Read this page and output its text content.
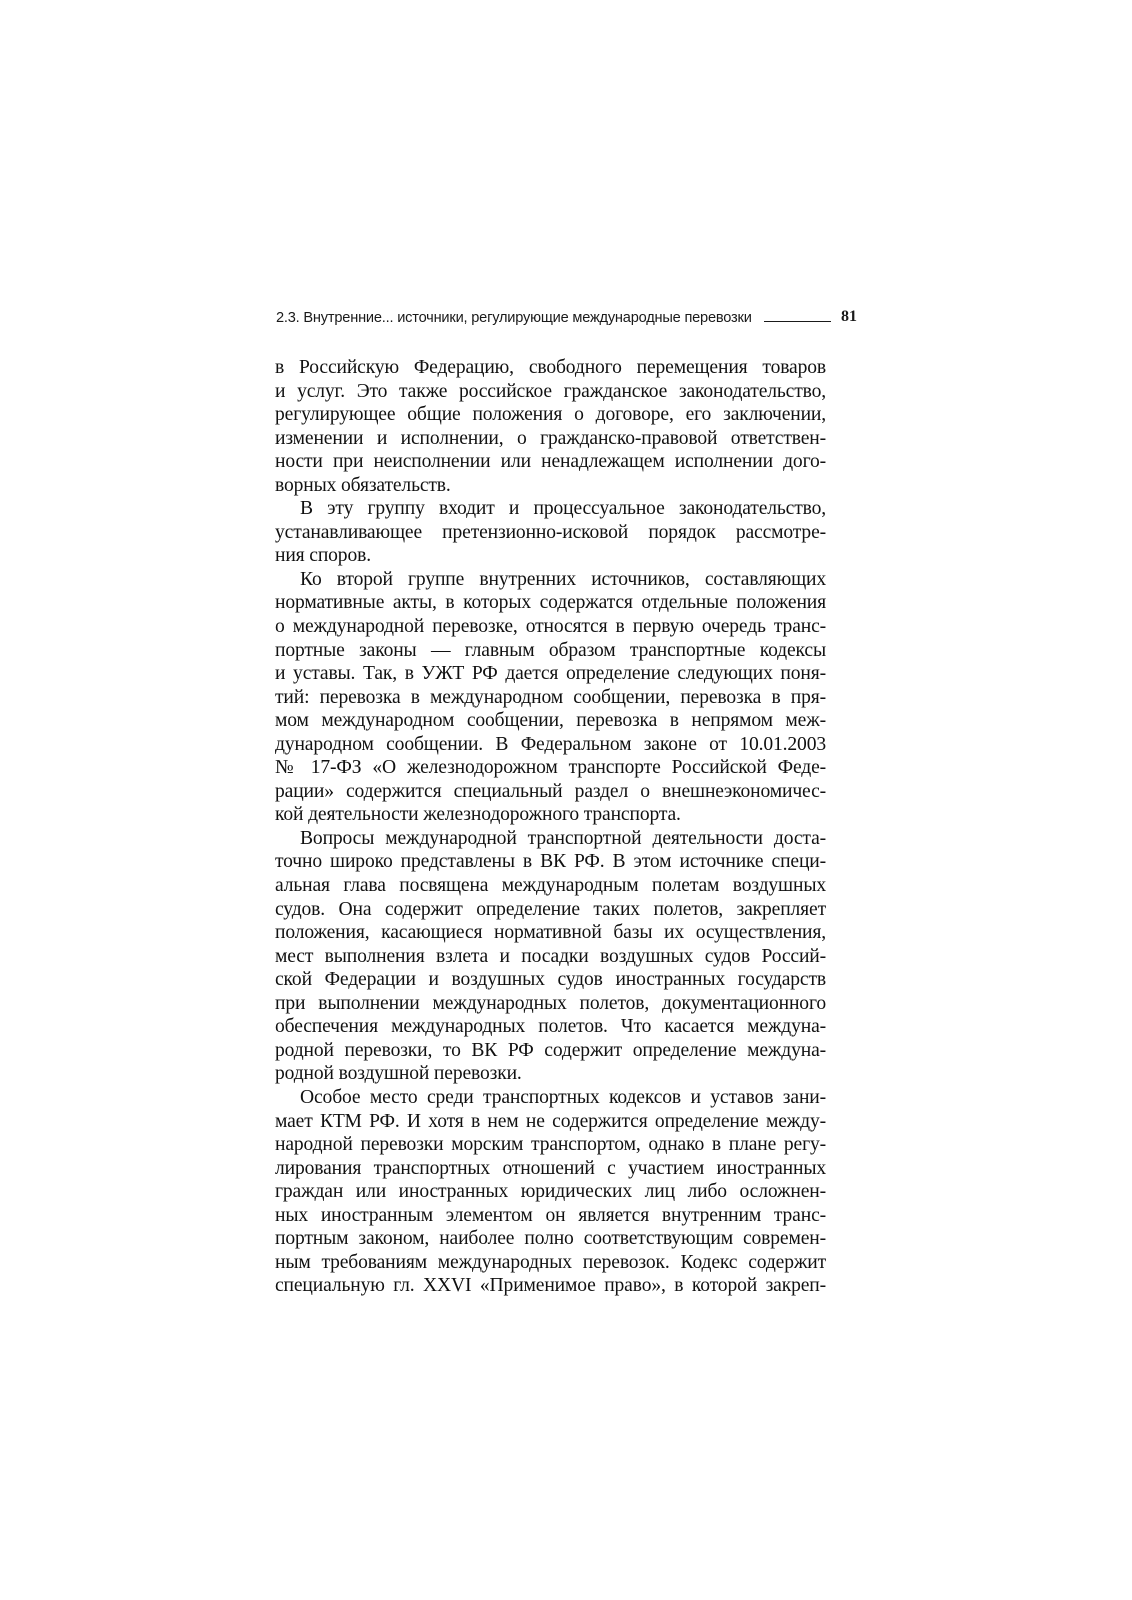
2.3. Внутренние... источники, регулирующие международные перевозки	81
в Российскую Федерацию, свободного перемещения товаров
и услуг. Это также российское гражданское законодательство,
регулирующее общие положения о договоре, его заключении,
изменении и исполнении, о гражданско-правовой ответствен-
ности при неисполнении или ненадлежащем исполнении дого-
ворных обязательств.
В эту группу входит и процессуальное законодательство,
устанавливающее претензионно-исковой порядок рассмотре-
ния споров.
Ко второй группе внутренних источников, составляющих
нормативные акты, в которых содержатся отдельные положения
о международной перевозке, относятся в первую очередь транс-
портные законы — главным образом транспортные кодексы
и уставы. Так, в УЖТ РФ дается определение следующих поня-
тий: перевозка в международном сообщении, перевозка в пря-
мом международном сообщении, перевозка в непрямом меж-
дународном сообщении. В Федеральном законе от 10.01.2003
№ 17-ФЗ «О железнодорожном транспорте Российской Феде-
рации» содержится специальный раздел о внешнеэкономичес-
кой деятельности железнодорожного транспорта.
Вопросы международной транспортной деятельности доста-
точно широко представлены в ВК РФ. В этом источнике специ-
альная глава посвящена международным полетам воздушных
судов. Она содержит определение таких полетов, закрепляет
положения, касающиеся нормативной базы их осуществления,
мест выполнения взлета и посадки воздушных судов Россий-
ской Федерации и воздушных судов иностранных государств
при выполнении международных полетов, документационного
обеспечения международных полетов. Что касается междуна-
родной перевозки, то ВК РФ содержит определение междуна-
родной воздушной перевозки.
Особое место среди транспортных кодексов и уставов зани-
мает КТМ РФ. И хотя в нем не содержится определение между-
народной перевозки морским транспортом, однако в плане регу-
лирования транспортных отношений с участием иностранных
граждан или иностранных юридических лиц либо осложнен-
ных иностранным элементом он является внутренним транс-
портным законом, наиболее полно соответствующим современ-
ным требованиям международных перевозок. Кодекс содержит
специальную гл. XXVI «Применимое право», в которой закреп-
